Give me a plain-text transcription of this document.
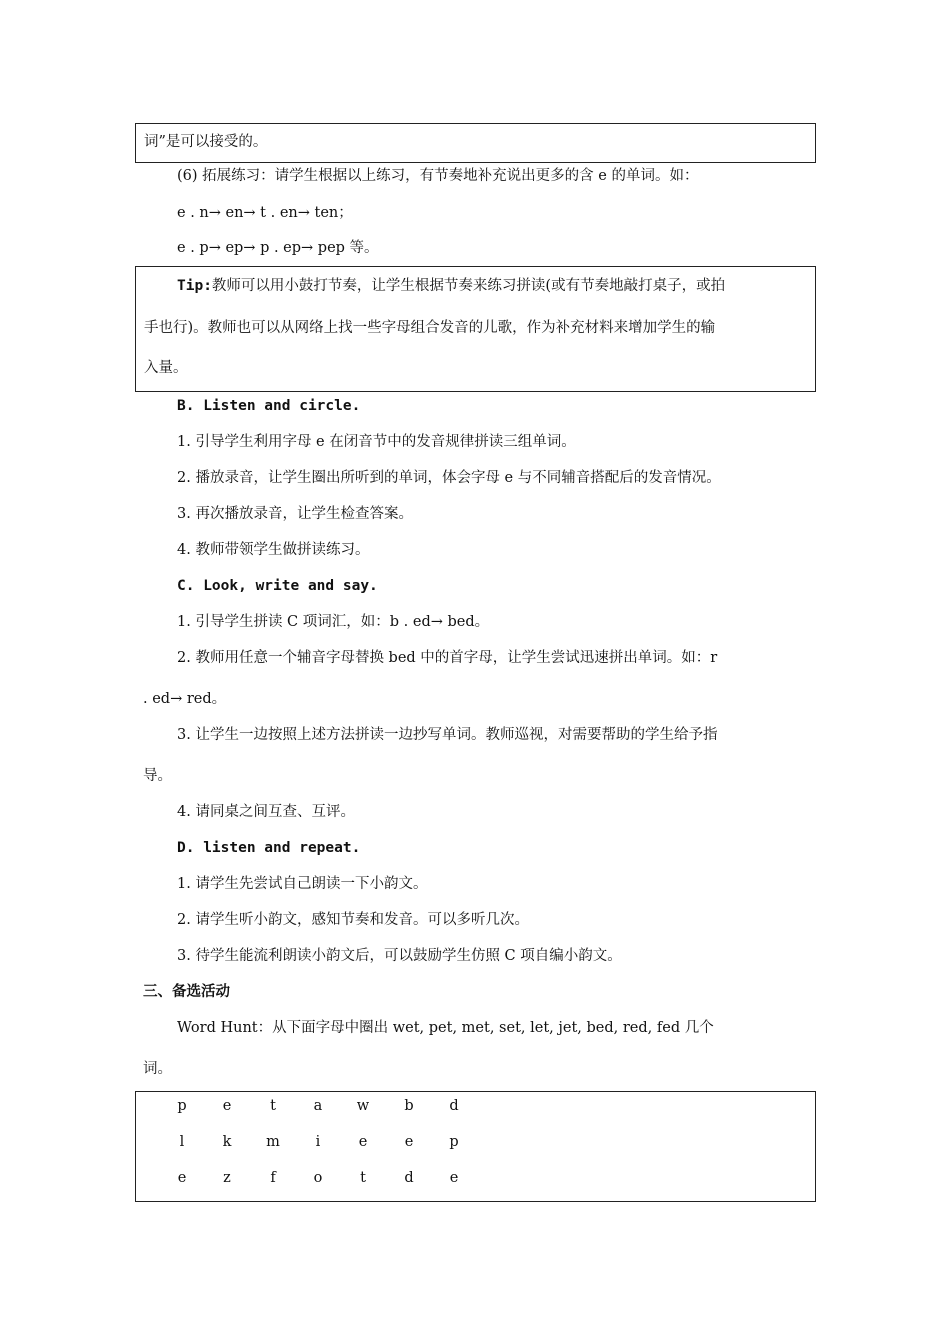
词”是可以接受的。
(6) 拓展练习：请学生根据以上练习，有节奏地补充说出更多的含 e 的单词。如：
e . n→ en→ t . en→ ten；
e . p→ ep→ p . ep→ pep 等。
Tip:教师可以用小鼓打节奏，让学生根据节奏来练习拼读(或有节奏地敲打桌子，或拍
手也行)。教师也可以从网络上找一些字母组合发音的儿歌，作为补充材料来增加学生的输
入量。
B. Listen and circle.
1. 引导学生利用字母 e 在闭音节中的发音规律拼读三组单词。
2. 播放录音，让学生圈出所听到的单词，体会字母 e 与不同辅音搭配后的发音情况。
3. 再次播放录音，让学生检查答案。
4. 教师带领学生做拼读练习。
C. Look, write and say.
1. 引导学生拼读 C 项词汇，如：b . ed→ bed。
2. 教师用任意一个辅音字母替换 bed 中的首字母，让学生尝试迅速拼出单词。如：r
. ed→ red。
3. 让学生一边按照上述方法拼读一边抄写单词。教师巡视，对需要帮助的学生给予指
导。
4. 请同桌之间互查、互评。
D. listen and repeat.
1. 请学生先尝试自己朗读一下小韵文。
2. 请学生听小韵文，感知节奏和发音。可以多听几次。
3. 待学生能流利朗读小韵文后，可以鼓励学生仿照 C 项自编小韵文。
三、备选活动
Word Hunt：从下面字母中圈出 wet, pet, met, set, let, jet, bed, red, fed 几个
词。
p	e	t	a	w	b	d
l	k	m	i	e	e	p
e	z	f	o	t	d	e
